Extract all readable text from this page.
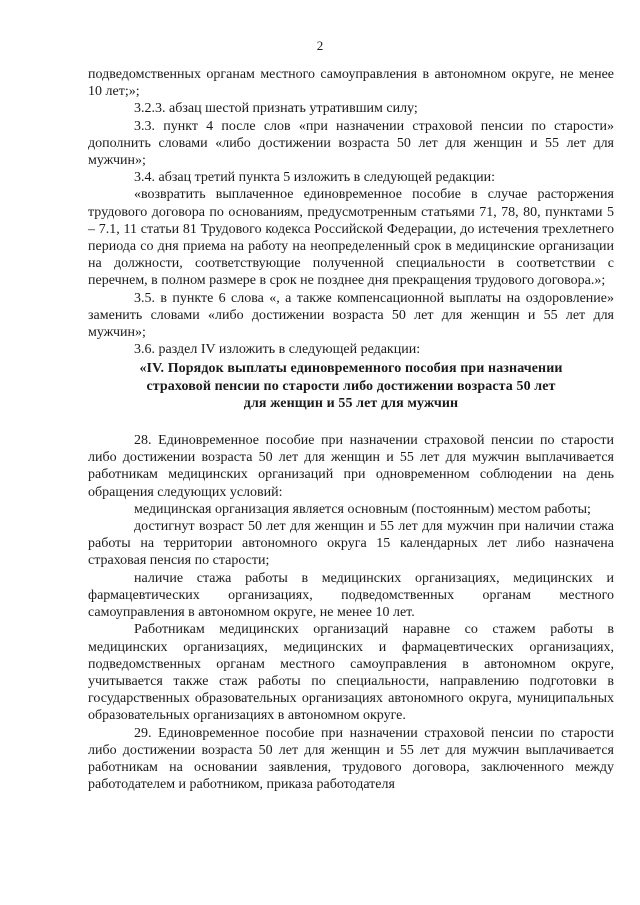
2

подведомственных органам местного самоуправления в автономном округе, не менее 10 лет;»;

3.2.3. абзац шестой признать утратившим силу;

3.3. пункт 4 после слов «при назначении страховой пенсии по старости» дополнить словами «либо достижении возраста 50 лет для женщин и 55 лет для мужчин»;

3.4. абзац третий пункта 5 изложить в следующей редакции:

«возвратить выплаченное единовременное пособие в случае расторжения трудового договора по основаниям, предусмотренным статьями 71, 78, 80, пунктами 5 – 7.1, 11 статьи 81 Трудового кодекса Российской Федерации, до истечения трехлетнего периода со дня приема на работу на неопределенный срок в медицинские организации на должности, соответствующие полученной специальности в соответствии с перечнем, в полном размере в срок не позднее дня прекращения трудового договора.»;

3.5. в пункте 6 слова «, а также компенсационной выплаты на оздоровление» заменить словами «либо достижении возраста 50 лет для женщин и 55 лет для мужчин»;

3.6. раздел IV изложить в следующей редакции:

«IV. Порядок выплаты единовременного пособия при назначении
страховой пенсии по старости либо достижении возраста 50 лет
для женщин и 55 лет для мужчин

28. Единовременное пособие при назначении страховой пенсии по старости либо достижении возраста 50 лет для женщин и 55 лет для мужчин выплачивается работникам медицинских организаций при одновременном соблюдении на день обращения следующих условий:

медицинская организация является основным (постоянным) местом работы;

достигнут возраст 50 лет для женщин и 55 лет для мужчин при наличии стажа работы на территории автономного округа 15 календарных лет либо назначена страховая пенсия по старости;

наличие стажа работы в медицинских организациях, медицинских и фармацевтических организациях, подведомственных органам местного самоуправления в автономном округе, не менее 10 лет.

Работникам медицинских организаций наравне со стажем работы в медицинских организациях, медицинских и фармацевтических организациях, подведомственных органам местного самоуправления в автономном округе, учитывается также стаж работы по специальности, направлению подготовки в государственных образовательных организациях автономного округа, муниципальных образовательных организациях в автономном округе.

29. Единовременное пособие при назначении страховой пенсии по старости либо достижении возраста 50 лет для женщин и 55 лет для мужчин выплачивается работникам на основании заявления, трудового договора, заключенного между работодателем и работником, приказа работодателя
